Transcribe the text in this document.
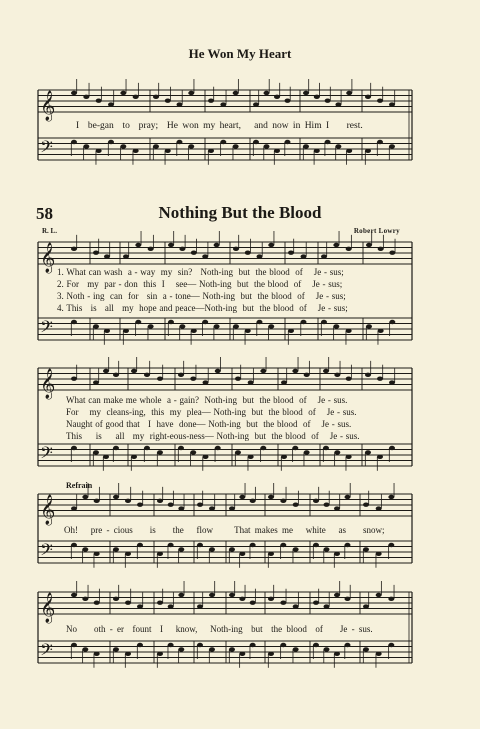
𝄞
𝄢
𝄞
𝄢
𝄞
𝄢
𝄞
𝄢
𝄞
𝄢
He Won My Heart
I  be-gan  to  pray;  He won my heart,   and now in Him I    rest.
58	Nothing But the Blood
R. L.	Robert Lowry
1. What can wash  a - way  my  sin?   Noth-ing  but  the blood  of    Je - sus;
2. For   my  par - don  this  I    see— Noth-ing  but  the blood  of    Je - sus;
3. Noth - ing  can  for   sin  a - tone— Noth-ing  but  the blood  of    Je - sus;
4. This   is   all   my  hope and peace—Noth-ing  but  the blood  of    Je - sus;
What can make me whole  a - gain?  Noth-ing  but  the blood  of    Je - sus.
For    my  cleans-ing,  this  my  plea— Noth-ing  but  the blood  of    Je - sus.
Naught of good that   I  have  done— Noth-ing  but  the blood  of    Je - sus.
This     is     all   my  right-eous-ness— Noth-ing  but  the blood  of    Je - sus.
Refrain
Oh!   pre - cious    is    the   flow     That makes me   white   as    snow;
No    oth - er  fount  I   know,   Noth-ing  but  the blood  of    Je - sus.
